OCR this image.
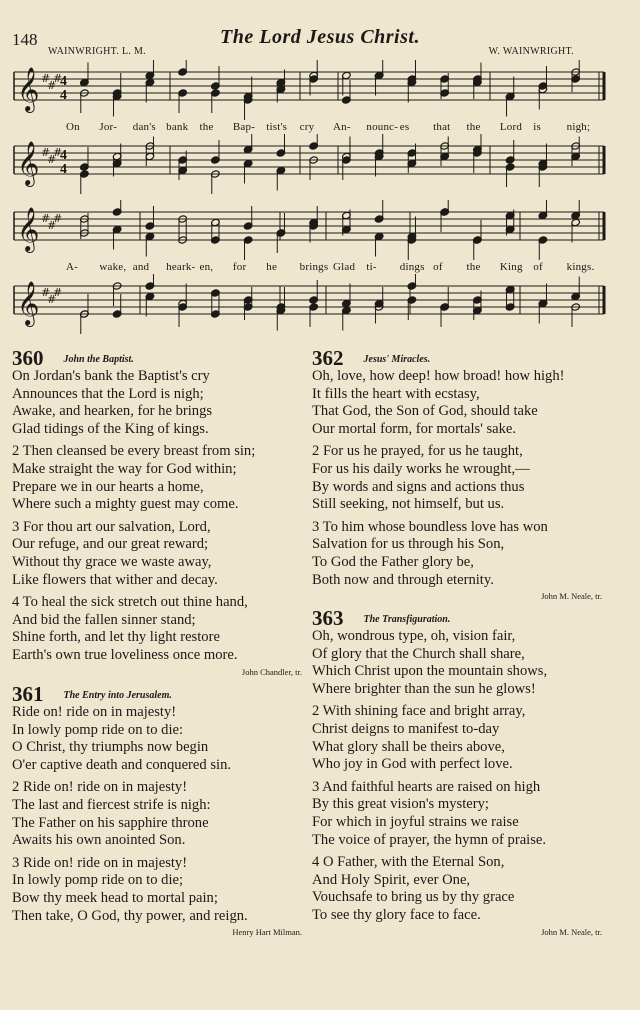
148	The Lord Jesus Christ.
WAINWRIGHT. L. M.	W. WAINWRIGHT.
𝄞 #
#
#
4
4
On Jor- dan's bank the Bap- tist's cry An- nounc- es that the Lord is nigh;
𝄞 #
#
#
4
4
𝄞 #
#
#
A- wake, and heark- en, for he brings Glad ti- dings of the King of kings.
𝄞 #
#
#
360 John the Baptist.
On Jordan's bank the Baptist's cry
Announces that the Lord is nigh;
Awake, and hearken, for he brings
Glad tidings of the King of kings.
2 Then cleansed be every breast from sin;
Make straight the way for God within;
Prepare we in our hearts a home,
Where such a mighty guest may come.
3 For thou art our salvation, Lord,
Our refuge, and our great reward;
Without thy grace we waste away,
Like flowers that wither and decay.
4 To heal the sick stretch out thine hand,
And bid the fallen sinner stand;
Shine forth, and let thy light restore
Earth's own true loveliness once more.
John Chandler, tr.
361 The Entry into Jerusalem.
Ride on! ride on in majesty!
In lowly pomp ride on to die:
O Christ, thy triumphs now begin
O'er captive death and conquered sin.
2 Ride on! ride on in majesty!
The last and fiercest strife is nigh:
The Father on his sapphire throne
Awaits his own anointed Son.
3 Ride on! ride on in majesty!
In lowly pomp ride on to die;
Bow thy meek head to mortal pain;
Then take, O God, thy power, and reign.
Henry Hart Milman.
362 Jesus' Miracles.
Oh, love, how deep! how broad! how high!
It fills the heart with ecstasy,
That God, the Son of God, should take
Our mortal form, for mortals' sake.
2 For us he prayed, for us he taught,
For us his daily works he wrought,—
By words and signs and actions thus
Still seeking, not himself, but us.
3 To him whose boundless love has won
Salvation for us through his Son,
To God the Father glory be,
Both now and through eternity.
John M. Neale, tr.
363 The Transfiguration.
Oh, wondrous type, oh, vision fair,
Of glory that the Church shall share,
Which Christ upon the mountain shows,
Where brighter than the sun he glows!
2 With shining face and bright array,
Christ deigns to manifest to-day
What glory shall be theirs above,
Who joy in God with perfect love.
3 And faithful hearts are raised on high
By this great vision's mystery;
For which in joyful strains we raise
The voice of prayer, the hymn of praise.
4 O Father, with the Eternal Son,
And Holy Spirit, ever One,
Vouchsafe to bring us by thy grace
To see thy glory face to face.
John M. Neale, tr.
